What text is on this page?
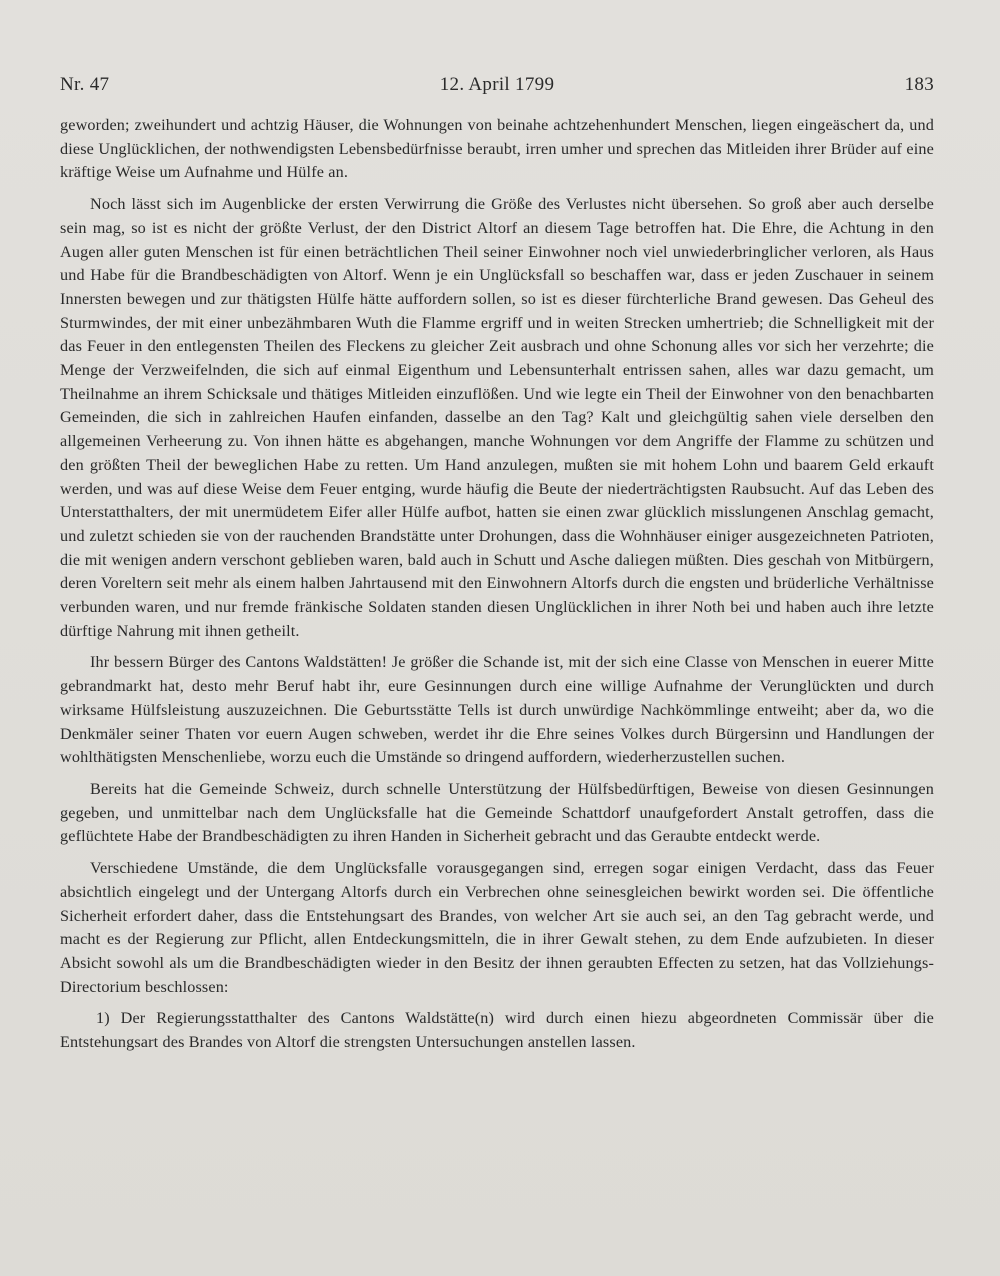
Nr. 47	12. April 1799	183

geworden; zweihundert und achtzig Häuser, die Wohnungen von beinahe achtzehenhundert Menschen, liegen eingeäschert da, und diese Unglücklichen, der nothwendigsten Lebensbedürfnisse beraubt, irren umher und sprechen das Mitleiden ihrer Brüder auf eine kräftige Weise um Aufnahme und Hülfe an.

Noch lässt sich im Augenblicke der ersten Verwirrung die Größe des Verlustes nicht übersehen. So groß aber auch derselbe sein mag, so ist es nicht der größte Verlust, der den District Altorf an diesem Tage betroffen hat. Die Ehre, die Achtung in den Augen aller guten Menschen ist für einen beträchtlichen Theil seiner Einwohner noch viel unwiederbringlicher verloren, als Haus und Habe für die Brandbeschädigten von Altorf. Wenn je ein Unglücksfall so beschaffen war, dass er jeden Zuschauer in seinem Innersten bewegen und zur thätigsten Hülfe hätte auffordern sollen, so ist es dieser fürchterliche Brand gewesen. Das Geheul des Sturmwindes, der mit einer unbezähmbaren Wuth die Flamme ergriff und in weiten Strecken umhertrieb; die Schnelligkeit mit der das Feuer in den entlegensten Theilen des Fleckens zu gleicher Zeit ausbrach und ohne Schonung alles vor sich her verzehrte; die Menge der Verzweifelnden, die sich auf einmal Eigenthum und Lebensunterhalt entrissen sahen, alles war dazu gemacht, um Theilnahme an ihrem Schicksale und thätiges Mitleiden einzuflößen. Und wie legte ein Theil der Einwohner von den benachbarten Gemeinden, die sich in zahlreichen Haufen einfanden, dasselbe an den Tag? Kalt und gleichgültig sahen viele derselben den allgemeinen Verheerung zu. Von ihnen hätte es abgehangen, manche Wohnungen vor dem Angriffe der Flamme zu schützen und den größten Theil der beweglichen Habe zu retten. Um Hand anzulegen, mußten sie mit hohem Lohn und baarem Geld erkauft werden, und was auf diese Weise dem Feuer entging, wurde häufig die Beute der niederträchtigsten Raubsucht. Auf das Leben des Unterstatthalters, der mit unermüdetem Eifer aller Hülfe aufbot, hatten sie einen zwar glücklich misslungenen Anschlag gemacht, und zuletzt schieden sie von der rauchenden Brandstätte unter Drohungen, dass die Wohnhäuser einiger ausgezeichneten Patrioten, die mit wenigen andern verschont geblieben waren, bald auch in Schutt und Asche daliegen müßten. Dies geschah von Mitbürgern, deren Voreltern seit mehr als einem halben Jahrtausend mit den Einwohnern Altorfs durch die engsten und brüderliche Verhältnisse verbunden waren, und nur fremde fränkische Soldaten standen diesen Unglücklichen in ihrer Noth bei und haben auch ihre letzte dürftige Nahrung mit ihnen getheilt.

Ihr bessern Bürger des Cantons Waldstätten! Je größer die Schande ist, mit der sich eine Classe von Menschen in euerer Mitte gebrandmarkt hat, desto mehr Beruf habt ihr, eure Gesinnungen durch eine willige Aufnahme der Verunglückten und durch wirksame Hülfsleistung auszuzeichnen. Die Geburtsstätte Tells ist durch unwürdige Nachkömmlinge entweiht; aber da, wo die Denkmäler seiner Thaten vor euern Augen schweben, werdet ihr die Ehre seines Volkes durch Bürgersinn und Handlungen der wohlthätigsten Menschenliebe, worzu euch die Umstände so dringend auffordern, wiederherzustellen suchen.

Bereits hat die Gemeinde Schweiz, durch schnelle Unterstützung der Hülfsbedürftigen, Beweise von diesen Gesinnungen gegeben, und unmittelbar nach dem Unglücksfalle hat die Gemeinde Schattdorf unaufgefordert Anstalt getroffen, dass die geflüchtete Habe der Brandbeschädigten zu ihren Handen in Sicherheit gebracht und das Geraubte entdeckt werde.

Verschiedene Umstände, die dem Unglücksfalle vorausgegangen sind, erregen sogar einigen Verdacht, dass das Feuer absichtlich eingelegt und der Untergang Altorfs durch ein Verbrechen ohne seinesgleichen bewirkt worden sei. Die öffentliche Sicherheit erfordert daher, dass die Entstehungsart des Brandes, von welcher Art sie auch sei, an den Tag gebracht werde, und macht es der Regierung zur Pflicht, allen Entdeckungsmitteln, die in ihrer Gewalt stehen, zu dem Ende aufzubieten. In dieser Absicht sowohl als um die Brandbeschädigten wieder in den Besitz der ihnen geraubten Effecten zu setzen, hat das Vollziehungs-Directorium beschlossen:

1) Der Regierungsstatthalter des Cantons Waldstätte(n) wird durch einen hiezu abgeordneten Commissär über die Entstehungsart des Brandes von Altorf die strengsten Untersuchungen anstellen lassen.
